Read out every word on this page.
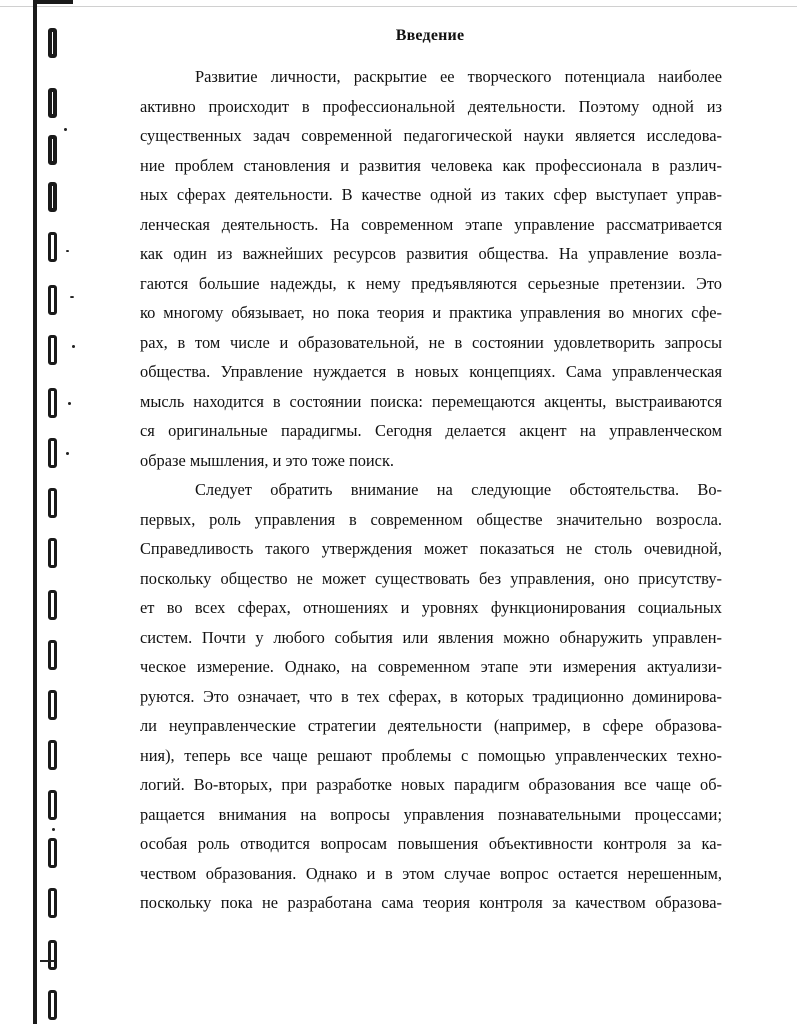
Введение
Развитие личности, раскрытие ее творческого потенциала наиболее
активно происходит в профессиональной деятельности. Поэтому одной из
существенных задач современной педагогической науки является исследова-
ние проблем становления и развития человека как профессионала в различ-
ных сферах деятельности. В качестве одной из таких сфер выступает управ-
ленческая деятельность. На современном этапе управление рассматривается
как один из важнейших ресурсов развития общества. На управление возла-
гаются большие надежды, к нему предъявляются серьезные претензии. Это
ко многому обязывает, но пока теория и практика управления во многих сфе-
рах, в том числе и образовательной, не в состоянии удовлетворить запросы
общества. Управление нуждается в новых концепциях. Сама управленческая
мысль находится в состоянии поиска: перемещаются акценты, выстраиваются
ся оригинальные парадигмы. Сегодня делается акцент на управленческом
образе мышления, и это тоже поиск.
Следует обратить внимание на следующие обстоятельства. Во-
первых, роль управления в современном обществе значительно возросла.
Справедливость такого утверждения может показаться не столь очевидной,
поскольку общество не может существовать без управления, оно присутству-
ет во всех сферах, отношениях и уровнях функционирования социальных
систем. Почти у любого события или явления можно обнаружить управлен-
ческое измерение. Однако, на современном этапе эти измерения актуализи-
руются. Это означает, что в тех сферах, в которых традиционно доминирова-
ли неуправленческие стратегии деятельности (например, в сфере образова-
ния), теперь все чаще решают проблемы с помощью управленческих техно-
логий. Во-вторых, при разработке новых парадигм образования все чаще об-
ращается внимания на вопросы управления познавательными процессами;
особая роль отводится вопросам повышения объективности контроля за ка-
чеством образования. Однако и в этом случае вопрос остается нерешенным,
поскольку пока не разработана сама теория контроля за качеством образова-
